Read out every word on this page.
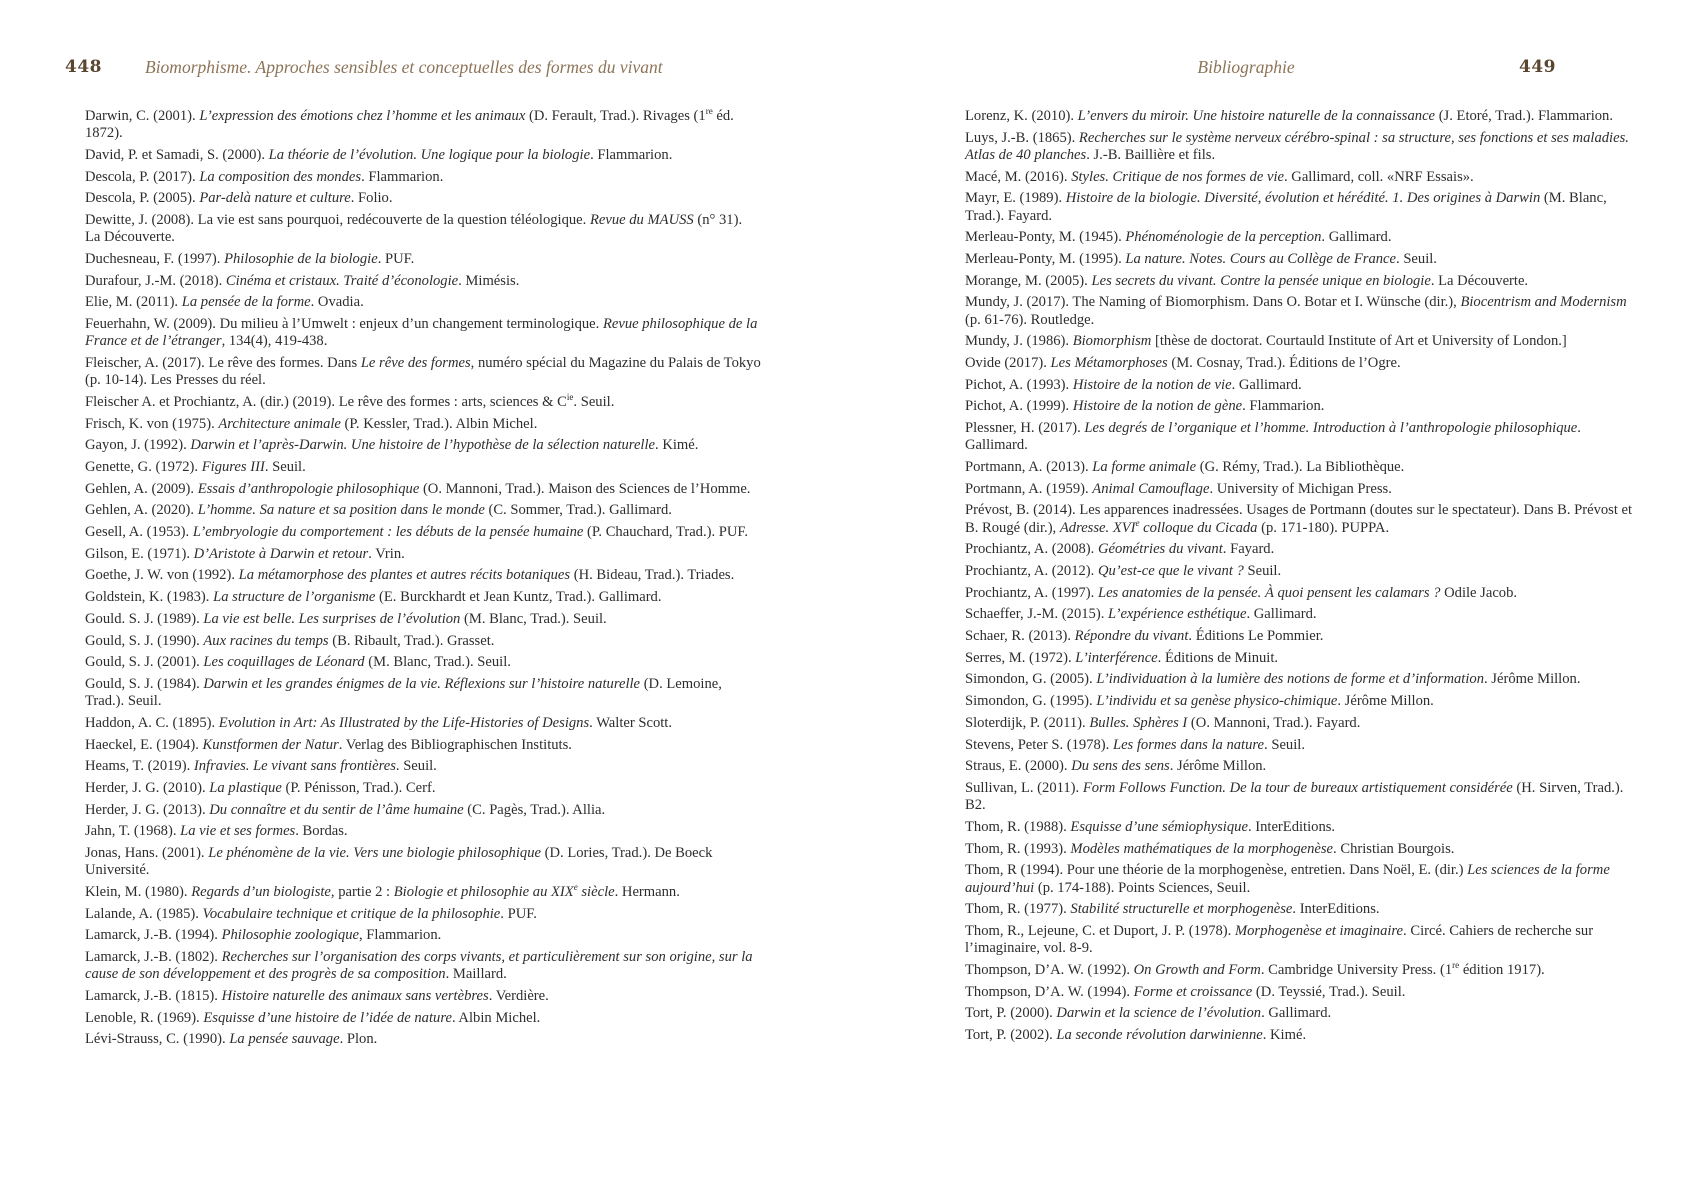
448 Biomorphisme. Approches sensibles et conceptuelles des formes du vivant	Bibliographie	449

Darwin, C. (2001). L’expression des émotions chez l’homme et les animaux (D. Ferault, Trad.). Rivages (1re éd. 1872).

David, P. et Samadi, S. (2000). La théorie de l’évolution. Une logique pour la biologie. Flammarion.

Descola, P. (2017). La composition des mondes. Flammarion.

Descola, P. (2005). Par-delà nature et culture. Folio.

Dewitte, J. (2008). La vie est sans pourquoi, redécouverte de la question téléologique. Revue du MAUSS (n° 31). La Découverte.

Duchesneau, F. (1997). Philosophie de la biologie. PUF.

Durafour, J.-M. (2018). Cinéma et cristaux. Traité d’éconologie. Mimésis.

Elie, M. (2011). La pensée de la forme. Ovadia.

Feuerhahn, W. (2009). Du milieu à l’Umwelt : enjeux d’un changement terminologique. Revue philosophique de la France et de l’étranger, 134(4), 419-438.

Fleischer, A. (2017). Le rêve des formes. Dans Le rêve des formes, numéro spécial du Magazine du Palais de Tokyo (p. 10-14). Les Presses du réel.

Fleischer A. et Prochiantz, A. (dir.) (2019). Le rêve des formes : arts, sciences & $C^{ie}$. Seuil.

Frisch, K. von (1975). Architecture animale (P. Kessler, Trad.). Albin Michel.

Gayon, J. (1992). Darwin et l’après-Darwin. Une histoire de l’hypothèse de la sélection naturelle. Kimé.

Genette, G. (1972). Figures III. Seuil.

Gehlen, A. (2009). Essais d’anthropologie philosophique (O. Mannoni, Trad.). Maison des Sciences de l’Homme.

Gehlen, A. (2020). L’homme. Sa nature et sa position dans le monde (C. Sommer, Trad.). Gallimard.

Gesell, A. (1953). L’embryologie du comportement : les débuts de la pensée humaine (P. Chauchard, Trad.). PUF.

Gilson, E. (1971). D’Aristote à Darwin et retour. Vrin.

Goethe, J. W. von (1992). La métamorphose des plantes et autres récits botaniques (H. Bideau, Trad.). Triades.

Goldstein, K. (1983). La structure de l’organisme (E. Burckhardt et Jean Kuntz, Trad.). Gallimard.

Gould. S. J. (1989). La vie est belle. Les surprises de l’évolution (M. Blanc, Trad.). Seuil.

Gould, S. J. (1990). Aux racines du temps (B. Ribault, Trad.). Grasset.

Gould, S. J. (2001). Les coquillages de Léonard (M. Blanc, Trad.). Seuil.

Gould, S. J. (1984). Darwin et les grandes énigmes de la vie. Réflexions sur l’histoire naturelle (D. Lemoine, Trad.). Seuil.

Haddon, A. C. (1895). Evolution in Art: As Illustrated by the Life-Histories of Designs. Walter Scott.

Haeckel, E. (1904). Kunstformen der Natur. Verlag des Bibliographischen Instituts.

Heams, T. (2019). Infravies. Le vivant sans frontières. Seuil.

Herder, J. G. (2010). La plastique (P. Pénisson, Trad.). Cerf.

Herder, J. G. (2013). Du connaître et du sentir de l’âme humaine (C. Pagès, Trad.). Allia.

Jahn, T. (1968). La vie et ses formes. Bordas.

Jonas, Hans. (2001). Le phénomène de la vie. Vers une biologie philosophique (D. Lories, Trad.). De Boeck Université.

Klein, M. (1980). Regards d’un biologiste, partie 2 : Biologie et philosophie au XIXe siècle. Hermann.

Lalande, A. (1985). Vocabulaire technique et critique de la philosophie. PUF.

Lamarck, J.-B. (1994). Philosophie zoologique, Flammarion.

Lamarck, J.-B. (1802). Recherches sur l’organisation des corps vivants, et particulièrement sur son origine, sur la cause de son développement et des progrès de sa composition. Maillard.

Lamarck, J.-B. (1815). Histoire naturelle des animaux sans vertèbres. Verdière.

Lenoble, R. (1969). Esquisse d’une histoire de l’idée de nature. Albin Michel.

Lévi-Strauss, C. (1990). La pensée sauvage. Plon.

Lorenz, K. (2010). L’envers du miroir. Une histoire naturelle de la connaissance (J. Etoré, Trad.). Flammarion.

Luys, J.-B. (1865). Recherches sur le système nerveux cérébro-spinal : sa structure, ses fonctions et ses maladies. Atlas de 40 planches. J.-B. Baillière et fils.

Macé, M. (2016). Styles. Critique de nos formes de vie. Gallimard, coll. «NRF Essais».

Mayr, E. (1989). Histoire de la biologie. Diversité, évolution et hérédité. 1. Des origines à Darwin (M. Blanc, Trad.). Fayard.

Merleau-Ponty, M. (1945). Phénoménologie de la perception. Gallimard.

Merleau-Ponty, M. (1995). La nature. Notes. Cours au Collège de France. Seuil.

Morange, M. (2005). Les secrets du vivant. Contre la pensée unique en biologie. La Découverte.

Mundy, J. (2017). The Naming of Biomorphism. Dans O. Botar et I. Wünsche (dir.), Biocentrism and Modernism (p. 61-76). Routledge.

Mundy, J. (1986). Biomorphism [thèse de doctorat. Courtauld Institute of Art et University of London.]

Ovide (2017). Les Métamorphoses (M. Cosnay, Trad.). Éditions de l’Ogre.

Pichot, A. (1993). Histoire de la notion de vie. Gallimard.

Pichot, A. (1999). Histoire de la notion de gène. Flammarion.

Plessner, H. (2017). Les degrés de l’organique et l’homme. Introduction à l’anthropologie philosophique. Gallimard.

Portmann, A. (2013). La forme animale (G. Rémy, Trad.). La Bibliothèque.

Portmann, A. (1959). Animal Camouflage. University of Michigan Press.

Prévost, B. (2014). Les apparences inadressées. Usages de Portmann (doutes sur le spectateur). Dans B. Prévost et B. Rougé (dir.), Adresse. XVIe colloque du Cicada (p. 171-180). PUPPA.

Prochiantz, A. (2008). Géométries du vivant. Fayard.

Prochiantz, A. (2012). Qu’est-ce que le vivant ? Seuil.

Prochiantz, A. (1997). Les anatomies de la pensée. À quoi pensent les calamars ? Odile Jacob.

Schaeffer, J.-M. (2015). L’expérience esthétique. Gallimard.

Schaer, R. (2013). Répondre du vivant. Éditions Le Pommier.

Serres, M. (1972). L’interférence. Éditions de Minuit.

Simondon, G. (2005). L’individuation à la lumière des notions de forme et d’information. Jérôme Millon.

Simondon, G. (1995). L’individu et sa genèse physico-chimique. Jérôme Millon.

Sloterdijk, P. (2011). Bulles. Sphères I (O. Mannoni, Trad.). Fayard.

Stevens, Peter S. (1978). Les formes dans la nature. Seuil.

Straus, E. (2000). Du sens des sens. Jérôme Millon.

Sullivan, L. (2011). Form Follows Function. De la tour de bureaux artistiquement considérée (H. Sirven, Trad.). B2.

Thom, R. (1988). Esquisse d’une sémiophysique. InterEditions.

Thom, R. (1993). Modèles mathématiques de la morphogenèse. Christian Bourgois.

Thom, R (1994). Pour une théorie de la morphogenèse, entretien. Dans Noël, E. (dir.) Les sciences de la forme aujourd’hui (p. 174-188). Points Sciences, Seuil.

Thom, R. (1977). Stabilité structurelle et morphogenèse. InterEditions.

Thom, R., Lejeune, C. et Duport, J. P. (1978). Morphogenèse et imaginaire. Circé. Cahiers de recherche sur l’imaginaire, vol. 8-9.

Thompson, D’A. W. (1992). On Growth and Form. Cambridge University Press. (1re édition 1917).

Thompson, D’A. W. (1994). Forme et croissance (D. Teyssié, Trad.). Seuil.

Tort, P. (2000). Darwin et la science de l’évolution. Gallimard.

Tort, P. (2002). La seconde révolution darwinienne. Kimé.
